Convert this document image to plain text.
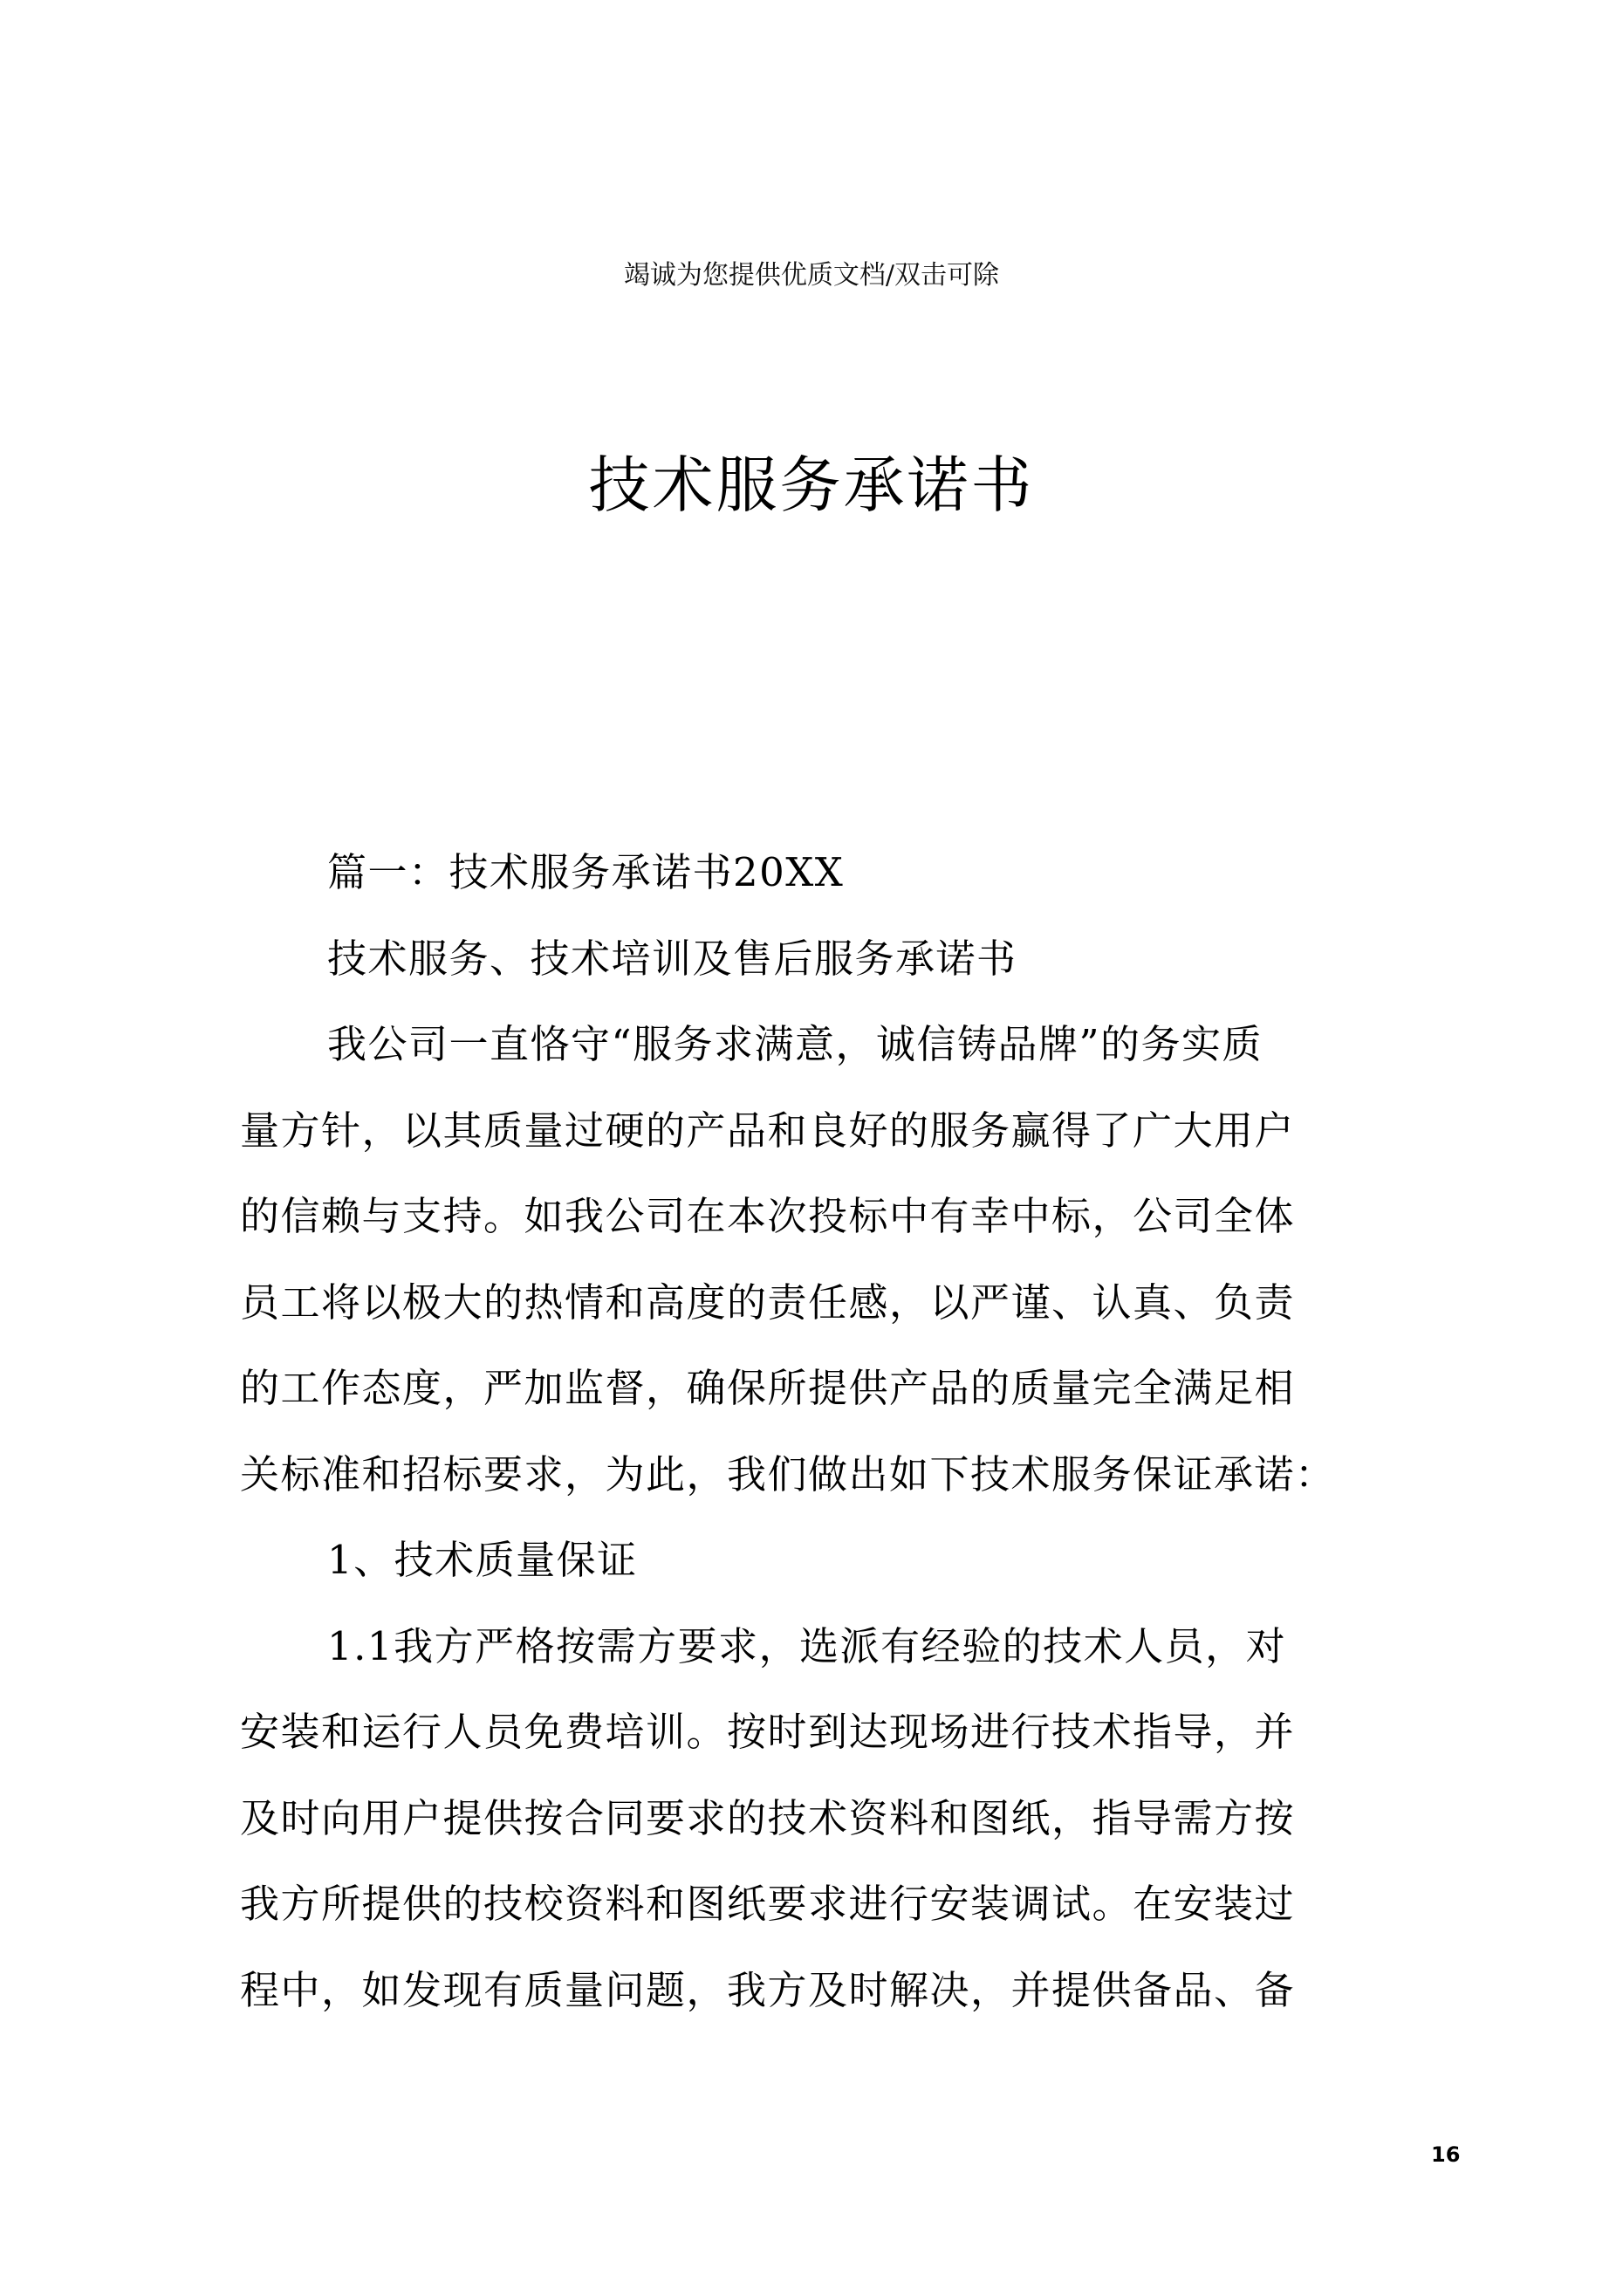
竭诚为您提供优质文档/双击可除
技术服务承诺书
篇一：技术服务承诺书20XX
技术服务、技术培训及售后服务承诺书
我公司一直恪守“服务求满意，诚信铸品牌”的务实质
量方针，以其质量过硬的产品和良好的服务赢得了广大用户
的信赖与支持。如我公司在本次投标中有幸中标，公司全体
员工将以极大的热情和高度的责任感，以严谨、认真、负责
的工作态度，严加监督，确保所提供产品的质量完全满足相
关标准和招标要求，为此，我们做出如下技术服务保证承诺：
1、技术质量保证
1.1我方严格按需方要求，选派有经验的技术人员，对
安装和运行人员免费培训。按时到达现场进行技术指导，并
及时向用户提供按合同要求的技术资料和图纸，指导需方按
我方所提供的技校资料和图纸要求进行安装调试。在安装过
程中，如发现有质量问题，我方及时解决，并提供备品、备
16
